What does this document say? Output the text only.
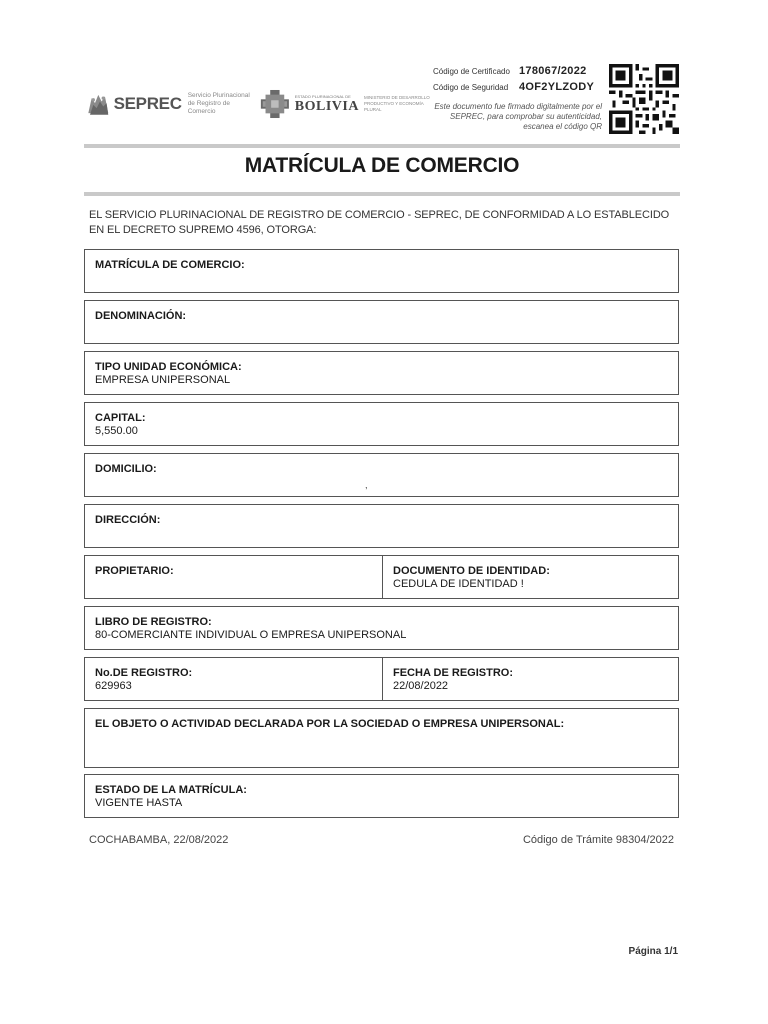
SEPREC Servicio Plurinacional de Registro de Comercio
ESTADO PLURINACIONAL DE
BOLIVIA
MINISTERIO DE DESARROLLO PRODUCTIVO Y ECONOMÍA PLURAL
Código de Certificado 178067/2022
Código de Seguridad 4OF2YLZODY
Este documento fue firmado digitalmente por el SEPREC, para comprobar su autenticidad, escanea el código QR
MATRÍCULA DE COMERCIO
EL SERVICIO PLURINACIONAL DE REGISTRO DE COMERCIO - SEPREC, DE CONFORMIDAD A LO ESTABLECIDO EN EL DECRETO SUPREMO 4596, OTORGA:
MATRÍCULA DE COMERCIO:
DENOMINACIÓN:
TIPO UNIDAD ECONÓMICA:
EMPRESA UNIPERSONAL
CAPITAL:
5,550.00
DOMICILIO:
,
DIRECCIÓN:
PROPIETARIO:	DOCUMENTO DE IDENTIDAD:
CEDULA DE IDENTIDAD !
LIBRO DE REGISTRO:
80-COMERCIANTE INDIVIDUAL O EMPRESA UNIPERSONAL
No.DE REGISTRO:
629963
FECHA DE REGISTRO:
22/08/2022
EL OBJETO O ACTIVIDAD DECLARADA POR LA SOCIEDAD O EMPRESA UNIPERSONAL:
ESTADO DE LA MATRÍCULA:
VIGENTE HASTA
COCHABAMBA, 22/08/2022	Código de Trámite 98304/2022
Página 1/1
